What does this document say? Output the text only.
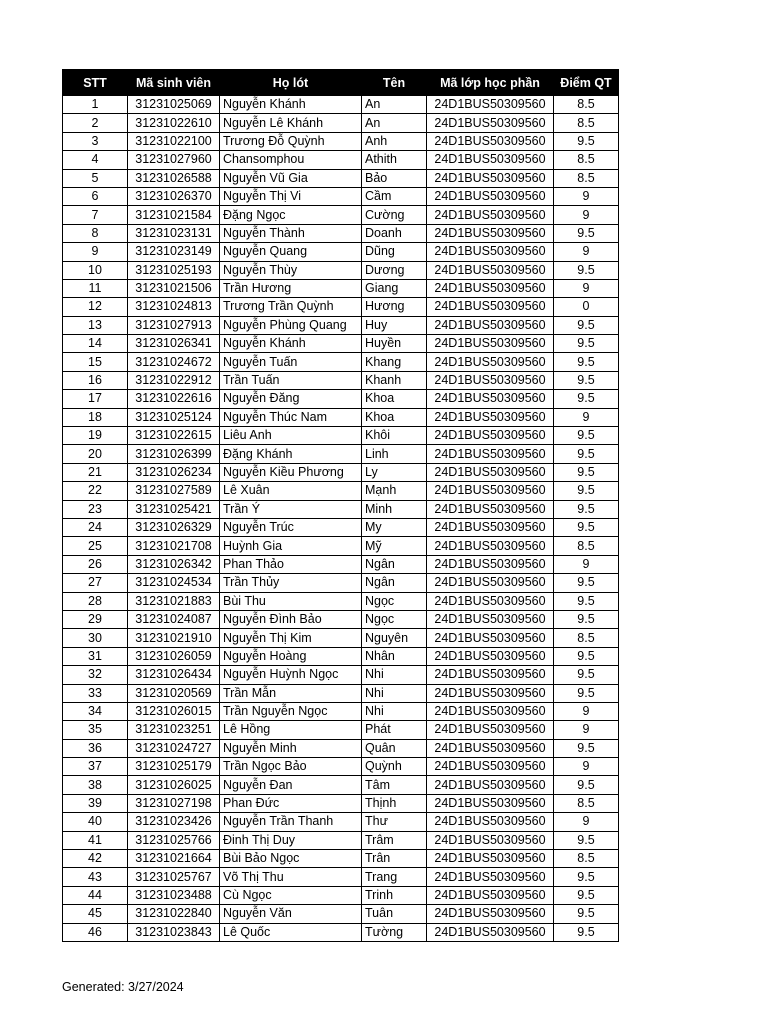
STT	Mã sinh viên	Họ lót	Tên	Mã lớp học phần	Điểm QT
1	31231025069	Nguyễn Khánh	An	24D1BUS50309560	8.5
2	31231022610	Nguyễn Lê Khánh	An	24D1BUS50309560	8.5
3	31231022100	Trương Đỗ Quỳnh	Anh	24D1BUS50309560	9.5
4	31231027960	Chansomphou	Athith	24D1BUS50309560	8.5
5	31231026588	Nguyễn Vũ Gia	Bảo	24D1BUS50309560	8.5
6	31231026370	Nguyễn Thị Vi	Cầm	24D1BUS50309560	9
7	31231021584	Đặng Ngọc	Cường	24D1BUS50309560	9
8	31231023131	Nguyễn Thành	Doanh	24D1BUS50309560	9.5
9	31231023149	Nguyễn Quang	Dũng	24D1BUS50309560	9
10	31231025193	Nguyễn Thùy	Dương	24D1BUS50309560	9.5
11	31231021506	Trần Hương	Giang	24D1BUS50309560	9
12	31231024813	Trương Trần Quỳnh	Hương	24D1BUS50309560	0
13	31231027913	Nguyễn Phùng Quang	Huy	24D1BUS50309560	9.5
14	31231026341	Nguyễn Khánh	Huyền	24D1BUS50309560	9.5
15	31231024672	Nguyễn Tuấn	Khang	24D1BUS50309560	9.5
16	31231022912	Trần Tuấn	Khanh	24D1BUS50309560	9.5
17	31231022616	Nguyễn Đăng	Khoa	24D1BUS50309560	9.5
18	31231025124	Nguyễn Thúc Nam	Khoa	24D1BUS50309560	9
19	31231022615	Liêu Anh	Khôi	24D1BUS50309560	9.5
20	31231026399	Đặng Khánh	Linh	24D1BUS50309560	9.5
21	31231026234	Nguyễn Kiều Phương	Ly	24D1BUS50309560	9.5
22	31231027589	Lê Xuân	Mạnh	24D1BUS50309560	9.5
23	31231025421	Trần Ý	Minh	24D1BUS50309560	9.5
24	31231026329	Nguyễn Trúc	My	24D1BUS50309560	9.5
25	31231021708	Huỳnh Gia	Mỹ	24D1BUS50309560	8.5
26	31231026342	Phan Thảo	Ngân	24D1BUS50309560	9
27	31231024534	Trần Thủy	Ngân	24D1BUS50309560	9.5
28	31231021883	Bùi Thu	Ngọc	24D1BUS50309560	9.5
29	31231024087	Nguyễn Đình Bảo	Ngọc	24D1BUS50309560	9.5
30	31231021910	Nguyễn Thị Kim	Nguyên	24D1BUS50309560	8.5
31	31231026059	Nguyễn Hoàng	Nhân	24D1BUS50309560	9.5
32	31231026434	Nguyễn Huỳnh Ngọc	Nhi	24D1BUS50309560	9.5
33	31231020569	Trần Mẫn	Nhi	24D1BUS50309560	9.5
34	31231026015	Trần Nguyễn Ngọc	Nhi	24D1BUS50309560	9
35	31231023251	Lê Hồng	Phát	24D1BUS50309560	9
36	31231024727	Nguyễn Minh	Quân	24D1BUS50309560	9.5
37	31231025179	Trần Ngọc Bảo	Quỳnh	24D1BUS50309560	9
38	31231026025	Nguyễn Đan	Tâm	24D1BUS50309560	9.5
39	31231027198	Phan Đức	Thịnh	24D1BUS50309560	8.5
40	31231023426	Nguyễn Trần Thanh	Thư	24D1BUS50309560	9
41	31231025766	Đinh Thị Duy	Trâm	24D1BUS50309560	9.5
42	31231021664	Bùi Bảo Ngọc	Trân	24D1BUS50309560	8.5
43	31231025767	Võ Thị Thu	Trang	24D1BUS50309560	9.5
44	31231023488	Cù Ngọc	Trinh	24D1BUS50309560	9.5
45	31231022840	Nguyễn Văn	Tuân	24D1BUS50309560	9.5
46	31231023843	Lê Quốc	Tường	24D1BUS50309560	9.5
Generated: 3/27/2024
